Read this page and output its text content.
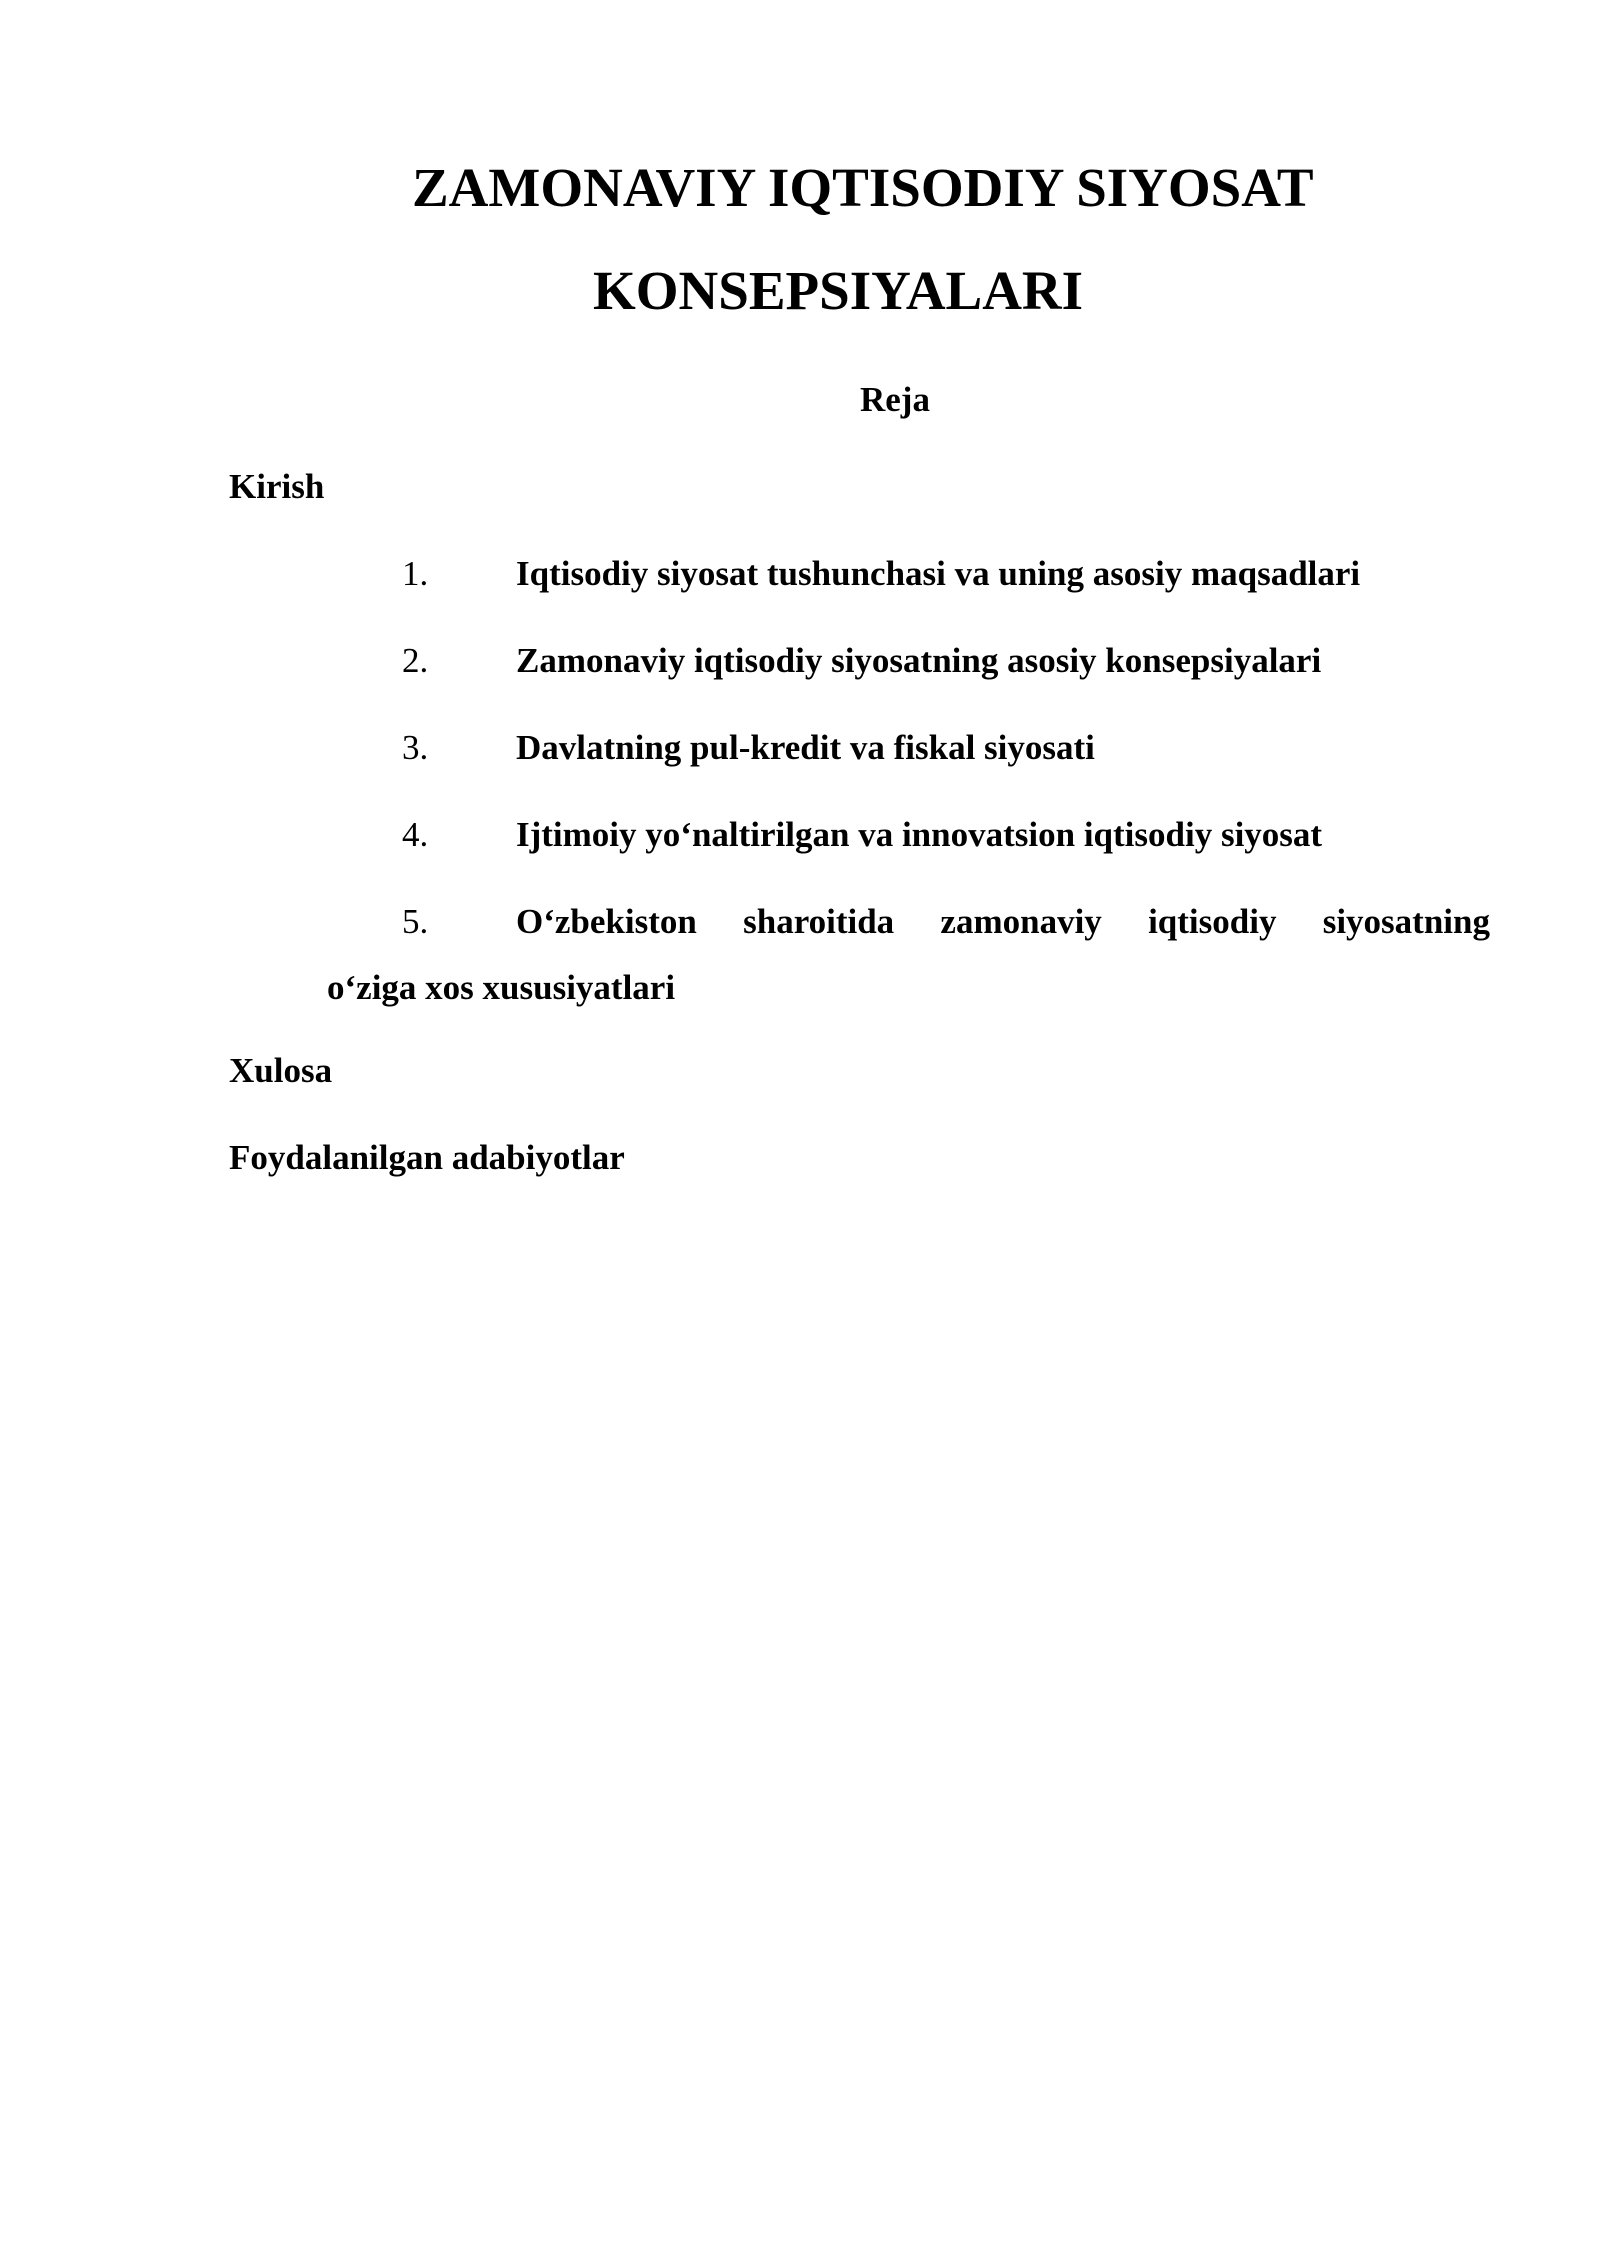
ZAMONAVIY IQTISODIY SIYOSAT
KONSEPSIYALARI
Reja
Kirish
1.	Iqtisodiy siyosat tushunchasi va uning asosiy maqsadlari
2.	Zamonaviy iqtisodiy siyosatning asosiy konsepsiyalari
3.	Davlatning pul-kredit va fiskal siyosati
4.	Ijtimoiy yo‘naltirilgan va innovatsion iqtisodiy siyosat
5.	O‘zbekiston sharoitida zamonaviy iqtisodiy siyosatning
o‘ziga xos xususiyatlari
Xulosa
Foydalanilgan adabiyotlar
